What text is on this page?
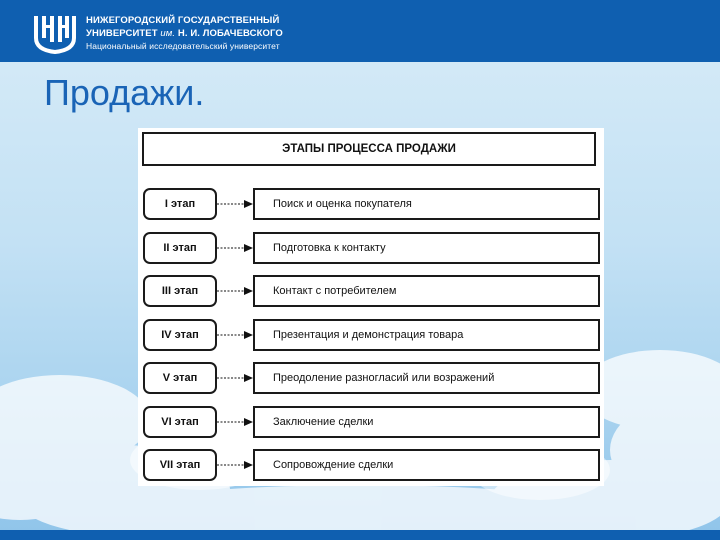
НИЖЕГОРОДСКИЙ ГОСУДАРСТВЕННЫЙ
УНИВЕРСИТЕТ им. Н. И. ЛОБАЧЕВСКОГО
Национальный исследовательский университет
Продажи.
ЭТАПЫ ПРОЦЕССА ПРОДАЖИ
I этап	Поиск и оценка покупателя
II этап	Подготовка к контакту
III этап	Контакт с потребителем
IV этап	Презентация и демонстрация товара
V этап	Преодоление разногласий или возражений
VI этап	Заключение сделки
VII этап	Сопровождение сделки
